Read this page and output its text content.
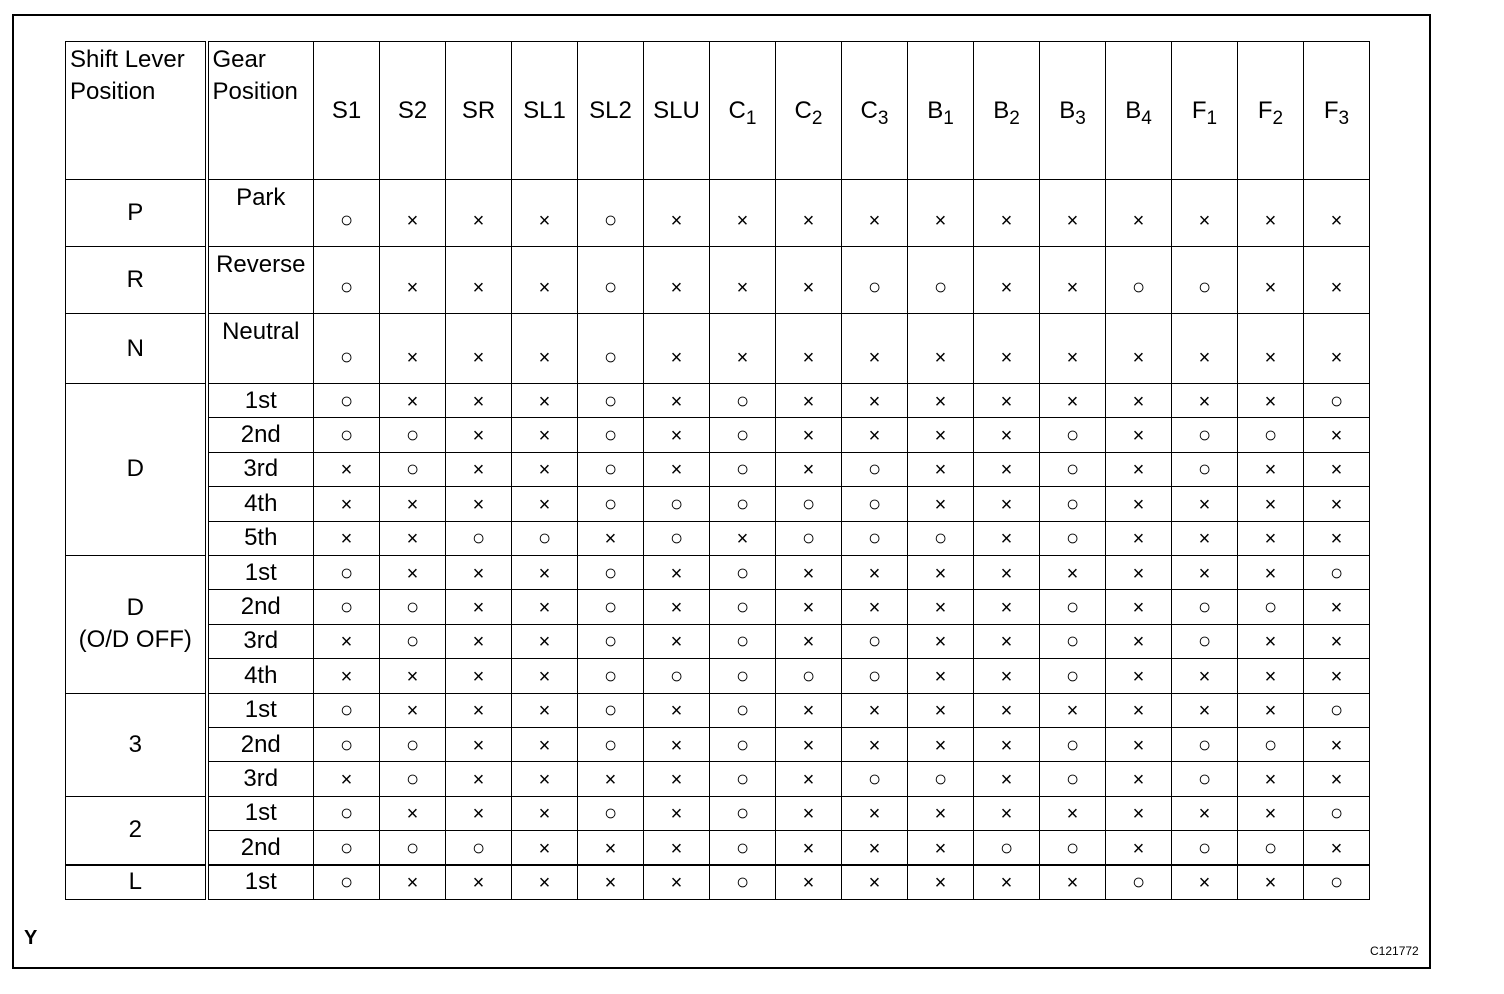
Shift Lever Position	Gear Position	S1	S2	SR	SL1	SL2	SLU	$C_1$	$C_2$	$C_3$	$B_1$	$B_2$	$B_3$	$B_4$	$F_1$	$F_2$	$F_3$

P	Park	○	×	×	×	○	×	×	×	×	×	×	×	×	×	×	×

R	Reverse	○	×	×	×	○	×	×	×	○	○	×	×	○	○	×	×

N	Neutral	○	×	×	×	○	×	×	×	×	×	×	×	×	×	×	×

D	1st	○	×	×	×	○	×	○	×	×	×	×	×	×	×	×	○
	2nd	○	○	×	×	○	×	○	×	×	×	×	○	×	○	○	×
	3rd	×	○	×	×	○	×	○	×	○	×	×	○	×	○	×	×
	4th	×	×	×	×	○	○	○	○	○	×	×	○	×	×	×	×
	5th	×	×	○	○	×	○	×	○	○	○	×	○	×	×	×	×

D
(O/D OFF)	1st	○	×	×	×	○	×	○	×	×	×	×	×	×	×	×	○
	2nd	○	○	×	×	○	×	○	×	×	×	×	○	×	○	○	×
	3rd	×	○	×	×	○	×	○	×	○	×	×	○	×	○	×	×
	4th	×	×	×	×	○	○	○	○	○	×	×	○	×	×	×	×

3	1st	○	×	×	×	○	×	○	×	×	×	×	×	×	×	×	○
	2nd	○	○	×	×	○	×	○	×	×	×	×	○	×	○	○	×
	3rd	×	○	×	×	×	×	○	×	○	○	×	○	×	○	×	×

2	1st	○	×	×	×	○	×	○	×	×	×	×	×	×	×	×	○
	2nd	○	○	○	×	×	×	○	×	×	×	○	○	×	○	○	×

L	1st	○	×	×	×	×	×	○	×	×	×	×	×	○	×	×	○
Y
C121772
